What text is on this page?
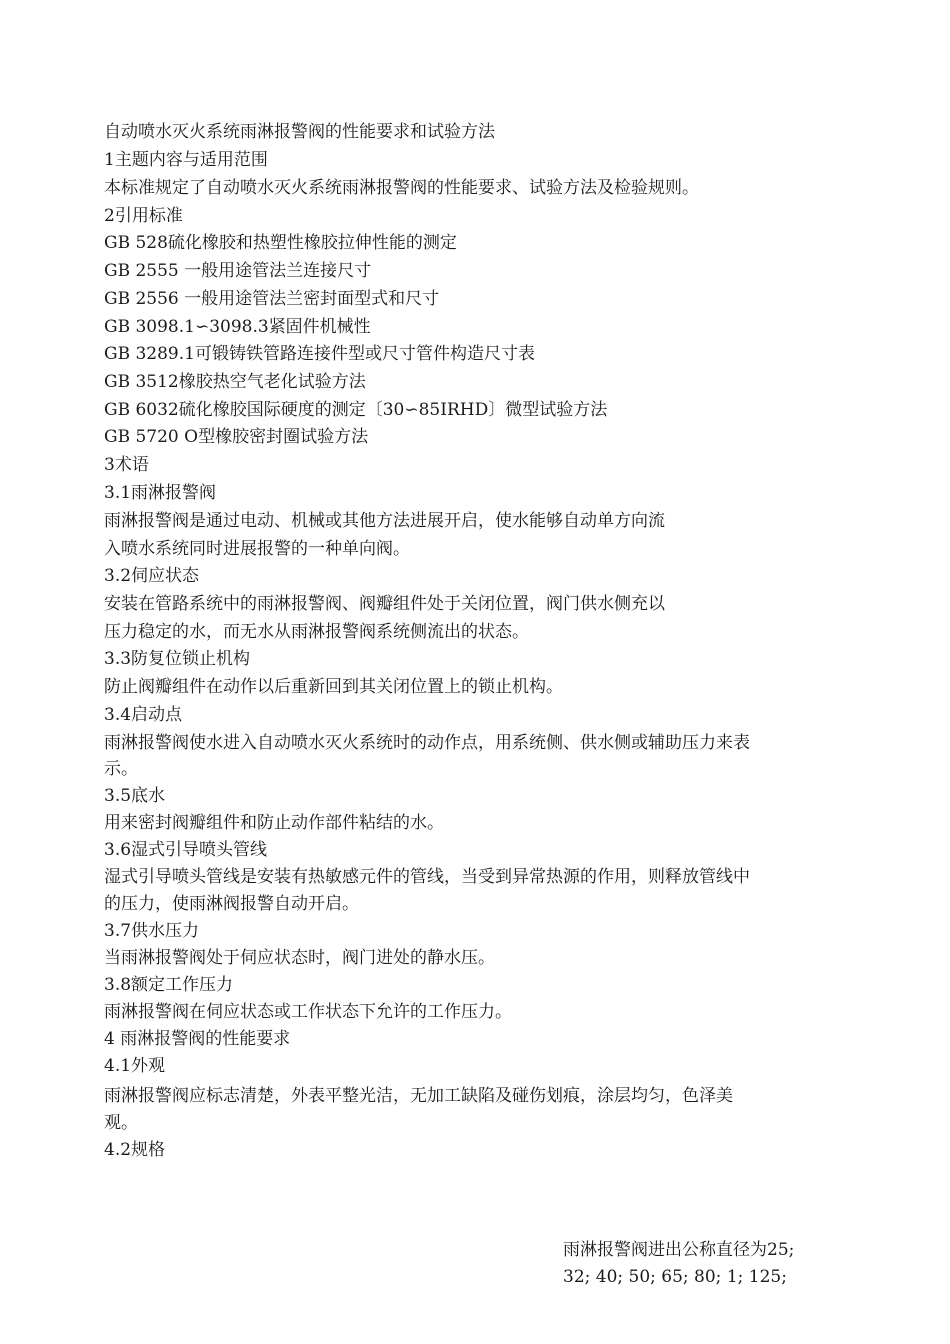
自动喷水灭火系统雨淋报警阀的性能要求和试验方法
1主题内容与适用范围
本标准规定了自动喷水灭火系统雨淋报警阀的性能要求、试验方法及检验规则。
2引用标准
GB 528硫化橡胶和热塑性橡胶拉伸性能的测定
GB 2555 一般用途管法兰连接尺寸
GB 2556 一般用途管法兰密封面型式和尺寸
GB 3098.1∽3098.3紧固件机械性
GB 3289.1可锻铸铁管路连接件型或尺寸管件构造尺寸表
GB 3512橡胶热空气老化试验方法
GB 6032硫化橡胶国际硬度的测定〔30∽85IRHD〕微型试验方法
GB 5720 O型橡胶密封圈试验方法
3术语
3.1雨淋报警阀
雨淋报警阀是通过电动、机械或其他方法进展开启，使水能够自动单方向流
入喷水系统同时进展报警的一种单向阀。
3.2伺应状态
安装在管路系统中的雨淋报警阀、阀瓣组件处于关闭位置，阀门供水侧充以
压力稳定的水，而无水从雨淋报警阀系统侧流出的状态。
3.3防复位锁止机构
防止阀瓣组件在动作以后重新回到其关闭位置上的锁止机构。
3.4启动点
雨淋报警阀使水进入自动喷水灭火系统时的动作点，用系统侧、供水侧或辅助压力来表
示。
3.5底水
用来密封阀瓣组件和防止动作部件粘结的水。
3.6湿式引导喷头管线
湿式引导喷头管线是安装有热敏感元件的管线，当受到异常热源的作用，则释放管线中
的压力，使雨淋阀报警自动开启。
3.7供水压力
当雨淋报警阀处于伺应状态时，阀门进处的静水压。
3.8额定工作压力
雨淋报警阀在伺应状态或工作状态下允许的工作压力。
4 雨淋报警阀的性能要求
4.1外观
雨淋报警阀应标志清楚，外表平整光洁，无加工缺陷及碰伤划痕，涂层均匀，色泽美
观。
4.2规格
雨淋报警阀进出公称直径为25;
32; 40; 50; 65; 80; 1; 125;
